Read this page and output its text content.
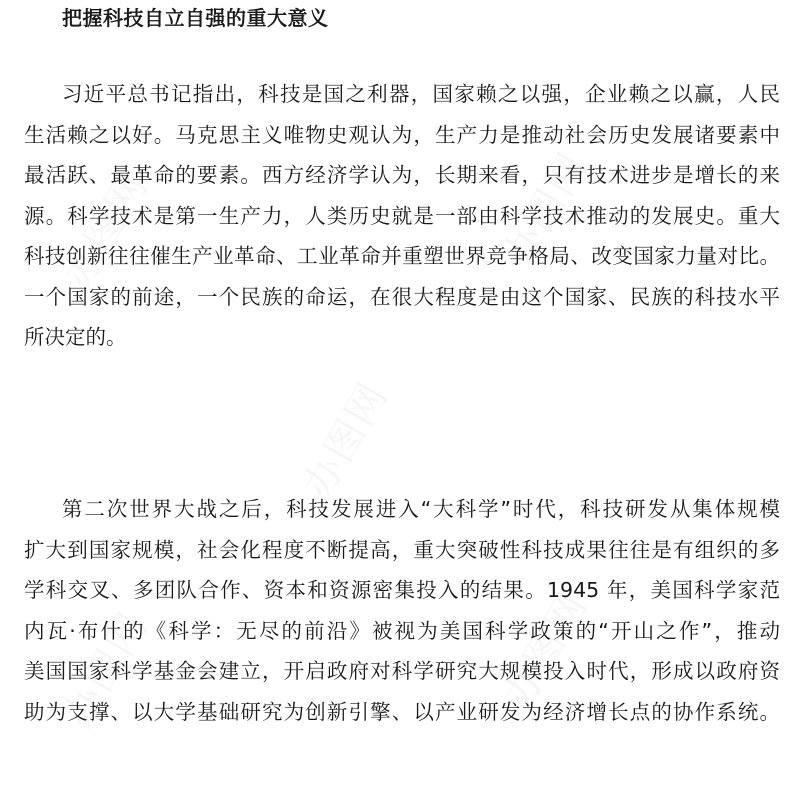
办图网	办图网
办图网
办图网	办图网
把握科技自立自强的重大意义
习近平总书记指出，科技是国之利器，国家赖之以强，企业赖之以赢，人民
生活赖之以好。马克思主义唯物史观认为，生产力是推动社会历史发展诸要素中
最活跃、最革命的要素。西方经济学认为，长期来看，只有技术进步是增长的来
源。科学技术是第一生产力，人类历史就是一部由科学技术推动的发展史。重大
科技创新往往催生产业革命、工业革命并重塑世界竞争格局、改变国家力量对比。
一个国家的前途，一个民族的命运，在很大程度是由这个国家、民族的科技水平
所决定的。
第二次世界大战之后，科技发展进入“大科学”时代，科技研发从集体规模
扩大到国家规模，社会化程度不断提高，重大突破性科技成果往往是有组织的多
学科交叉、多团队合作、资本和资源密集投入的结果。1945 年，美国科学家范
内瓦·布什的《科学：无尽的前沿》被视为美国科学政策的“开山之作”，推动
美国国家科学基金会建立，开启政府对科学研究大规模投入时代，形成以政府资
助为支撑、以大学基础研究为创新引擎、以产业研发为经济增长点的协作系统。
